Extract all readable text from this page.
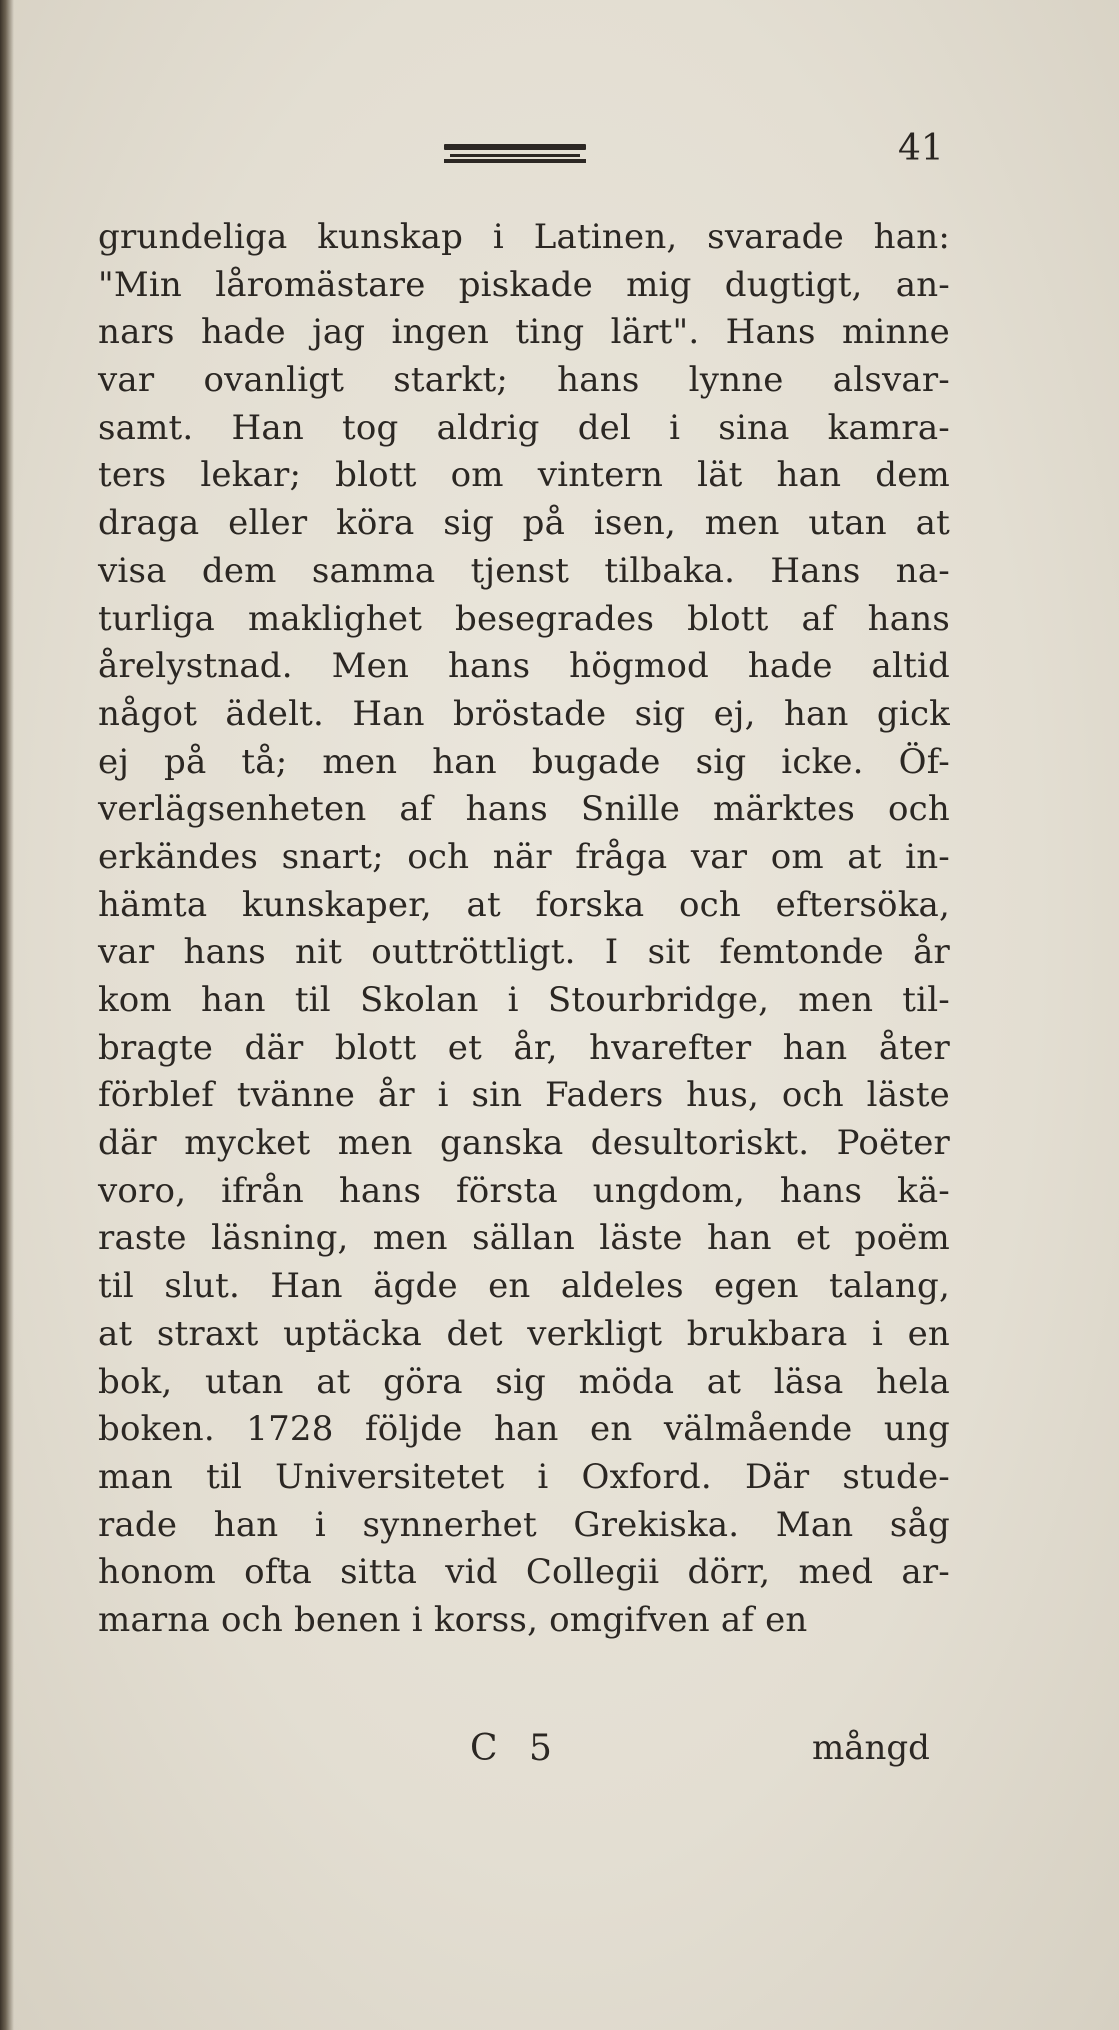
41
grundeliga kunskap i Latinen, svarade han:
"Min låromästare piskade mig dugtigt, an-
nars hade jag ingen ting lärt". Hans minne
var ovanligt starkt; hans lynne alsvar-
samt. Han tog aldrig del i sina kamra-
ters lekar; blott om vintern lät han dem
draga eller köra sig på isen, men utan at
visa dem samma tjenst tilbaka. Hans na-
turliga maklighet besegrades blott af hans
årelystnad. Men hans högmod hade altid
något ädelt. Han bröstade sig ej, han gick
ej på tå; men han bugade sig icke. Öf-
verlägsenheten af hans Snille märktes och
erkändes snart; och när fråga var om at in-
hämta kunskaper, at forska och eftersöka,
var hans nit outtröttligt. I sit femtonde år
kom han til Skolan i Stourbridge, men til-
bragte där blott et år, hvarefter han åter
förblef tvänne år i sin Faders hus, och läste
där mycket men ganska desultoriskt. Poëter
voro, ifrån hans första ungdom, hans kä-
raste läsning, men sällan läste han et poëm
til slut. Han ägde en aldeles egen talang,
at straxt uptäcka det verkligt brukbara i en
bok, utan at göra sig möda at läsa hela
boken. 1728 följde han en välmående ung
man til Universitetet i Oxford. Där stude-
rade han i synnerhet Grekiska. Man såg
honom ofta sitta vid Collegii dörr, med ar-
marna och benen i korss, omgifven af en
C 5	mångd
